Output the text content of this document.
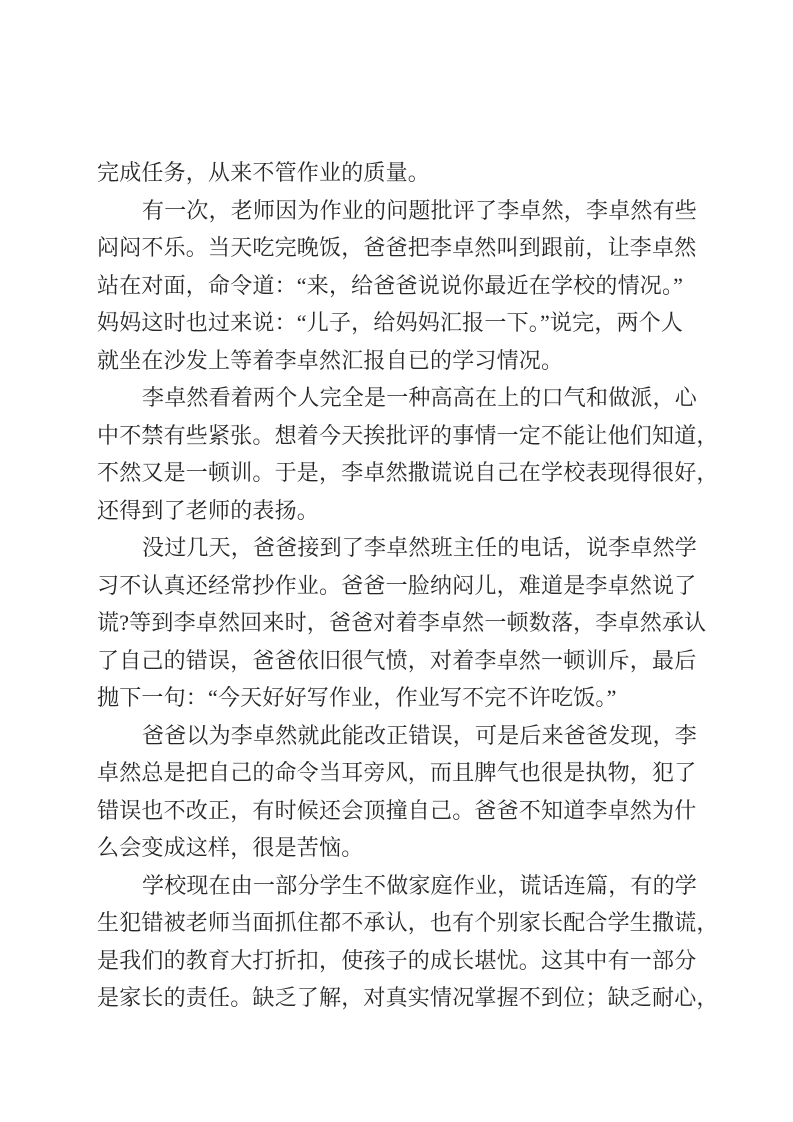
完成任务，从来不管作业的质量。
有一次，老师因为作业的问题批评了李卓然，李卓然有些
闷闷不乐。当天吃完晚饭，爸爸把李卓然叫到跟前，让李卓然
站在对面，命令道：“来，给爸爸说说你最近在学校的情况。”
妈妈这时也过来说：“儿子，给妈妈汇报一下。”说完，两个人
就坐在沙发上等着李卓然汇报自已的学习情况。
李卓然看着两个人完全是一种高高在上的口气和做派，心
中不禁有些紧张。想着今天挨批评的事情一定不能让他们知道，
不然又是一顿训。于是，李卓然撒谎说自己在学校表现得很好，
还得到了老师的表扬。
没过几天，爸爸接到了李卓然班主任的电话，说李卓然学
习不认真还经常抄作业。爸爸一脸纳闷儿，难道是李卓然说了
谎?等到李卓然回来时，爸爸对着李卓然一顿数落，李卓然承认
了自己的错误，爸爸依旧很气愤，对着李卓然一顿训斥，最后
抛下一句：“今天好好写作业，作业写不完不许吃饭。”
爸爸以为李卓然就此能改正错误，可是后来爸爸发现，李
卓然总是把自己的命令当耳旁风，而且脾气也很是执物，犯了
错误也不改正，有时候还会顶撞自己。爸爸不知道李卓然为什
么会变成这样，很是苦恼。
学校现在由一部分学生不做家庭作业，谎话连篇，有的学
生犯错被老师当面抓住都不承认，也有个别家长配合学生撒谎，
是我们的教育大打折扣，使孩子的成长堪忧。这其中有一部分
是家长的责任。缺乏了解，对真实情况掌握不到位；缺乏耐心，
